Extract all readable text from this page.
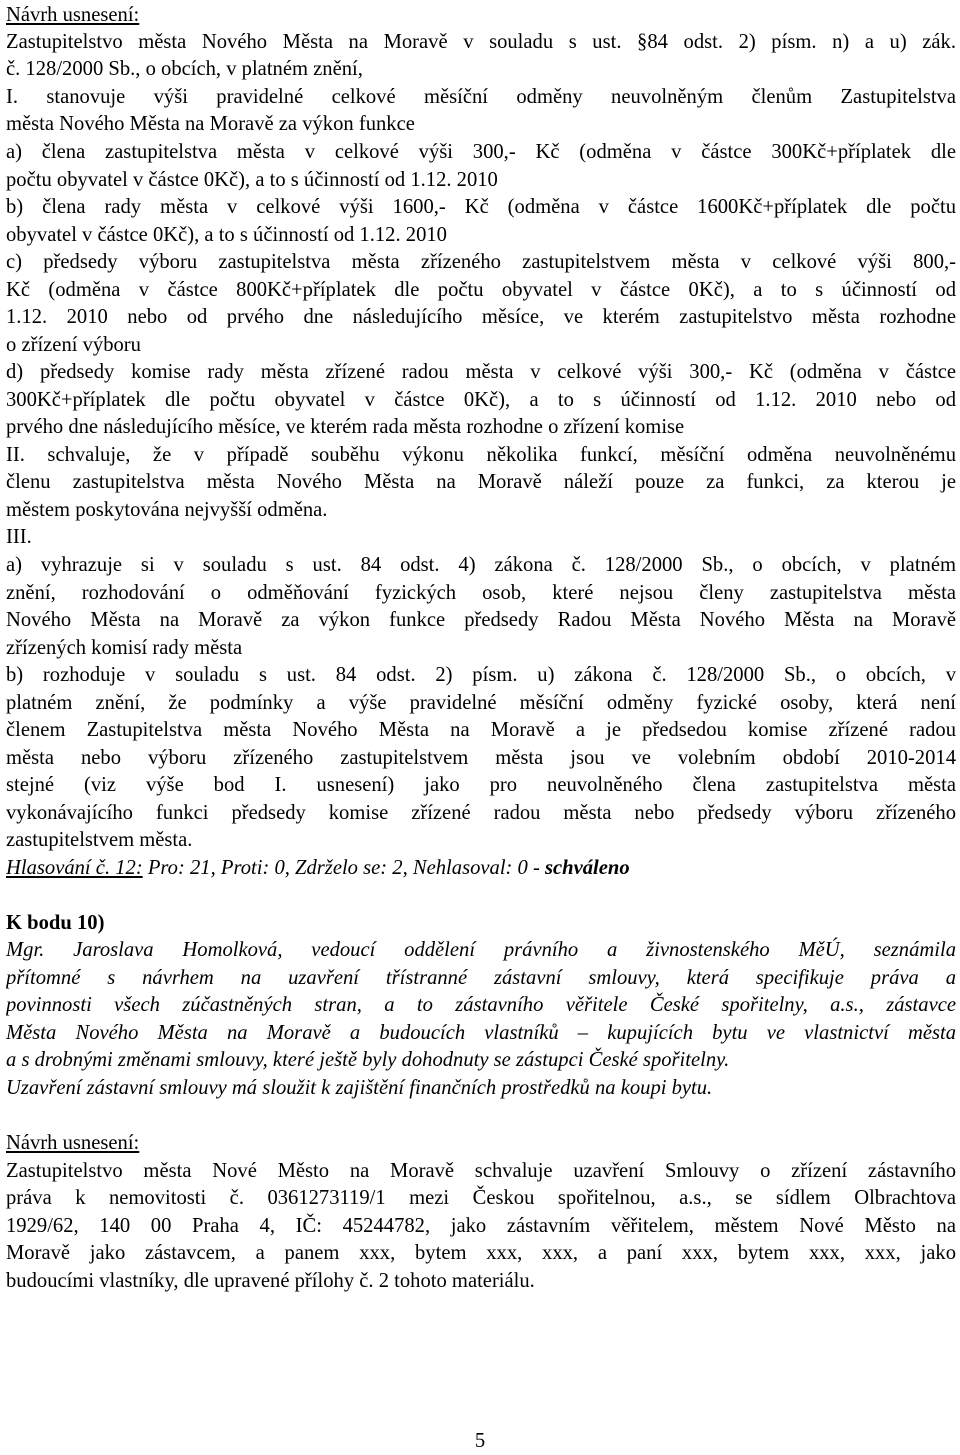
Návrh usnesení:
Zastupitelstvo města Nového Města na Moravě v souladu s ust. §84 odst. 2) písm. n) a u) zák.
č. 128/2000 Sb., o obcích, v platném znění,
I. stanovuje výši pravidelné celkové měsíční odměny neuvolněným členům Zastupitelstva
města Nového Města na Moravě za výkon funkce
a) člena zastupitelstva města v celkové výši 300,- Kč (odměna v částce 300Kč+příplatek dle
počtu obyvatel v částce 0Kč), a to s účinností od 1.12. 2010
b) člena rady města v celkové výši 1600,- Kč (odměna v částce 1600Kč+příplatek dle počtu
obyvatel v částce 0Kč), a to s účinností od 1.12. 2010
c) předsedy výboru zastupitelstva města zřízeného zastupitelstvem města v celkové výši 800,-
Kč (odměna v částce 800Kč+příplatek dle počtu obyvatel v částce 0Kč), a to s účinností od
1.12. 2010 nebo od prvého dne následujícího měsíce, ve kterém zastupitelstvo města rozhodne
o zřízení výboru
d) předsedy komise rady města zřízené radou města v celkové výši 300,- Kč (odměna v částce
300Kč+příplatek dle počtu obyvatel v částce 0Kč), a to s účinností od 1.12. 2010 nebo od
prvého dne následujícího měsíce, ve kterém rada města rozhodne o zřízení komise
II. schvaluje, že v případě souběhu výkonu několika funkcí, měsíční odměna neuvolněnému
členu zastupitelstva města Nového Města na Moravě náleží pouze za funkci, za kterou je
městem poskytována nejvyšší odměna.
III.
a) vyhrazuje si v souladu s ust. 84 odst. 4) zákona č. 128/2000 Sb., o obcích, v platném
znění, rozhodování o odměňování fyzických osob, které nejsou členy zastupitelstva města
Nového Města na Moravě za výkon funkce předsedy Radou Města Nového Města na Moravě
zřízených komisí rady města
b) rozhoduje v souladu s ust. 84 odst. 2) písm. u) zákona č. 128/2000 Sb., o obcích, v
platném znění, že podmínky a výše pravidelné měsíční odměny fyzické osoby, která není
členem Zastupitelstva města Nového Města na Moravě a je předsedou komise zřízené radou
města nebo výboru zřízeného zastupitelstvem města jsou ve volebním období 2010-2014
stejné (viz výše bod I. usnesení) jako pro neuvolněného člena zastupitelstva města
vykonávajícího funkci předsedy komise zřízené radou města nebo předsedy výboru zřízeného
zastupitelstvem města.
Hlasování č. 12: Pro: 21, Proti: 0, Zdrželo se: 2, Nehlasoval: 0 - schváleno
K bodu 10)
Mgr. Jaroslava Homolková, vedoucí oddělení právního a živnostenského MěÚ, seznámila
přítomné s návrhem na uzavření třístranné zástavní smlouvy, která specifikuje práva a
povinnosti všech zúčastněných stran, a to zástavního věřitele České spořitelny, a.s., zástavce
Města Nového Města na Moravě a budoucích vlastníků – kupujících bytu ve vlastnictví města
a s drobnými změnami smlouvy, které ještě byly dohodnuty se zástupci České spořitelny.
Uzavření zástavní smlouvy má sloužit k zajištění finančních prostředků na koupi bytu.
Návrh usnesení:
Zastupitelstvo města Nové Město na Moravě schvaluje uzavření Smlouvy o zřízení zástavního
práva k nemovitosti č. 0361273119/1 mezi Českou spořitelnou, a.s., se sídlem Olbrachtova
1929/62, 140 00 Praha 4, IČ: 45244782, jako zástavním věřitelem, městem Nové Město na
Moravě jako zástavcem, a panem xxx, bytem xxx, xxx, a paní xxx, bytem xxx, xxx, jako
budoucími vlastníky, dle upravené přílohy č. 2 tohoto materiálu.
5
